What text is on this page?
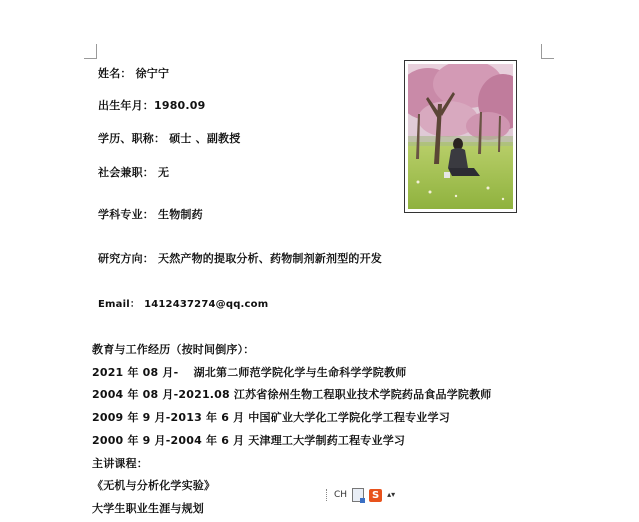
姓名： 徐宁宁
出生年月：1980.09
学历、职称： 硕士 、副教授
社会兼职： 无
学科专业： 生物制药
研究方向： 天然产物的提取分析、药物制剂新剂型的开发
Email： 1412437274@qq.com
教育与工作经历（按时间倒序）：
2021 年 08 月-　 湖北第二师范学院化学与生命科学学院教师
2004 年 08 月-2021.08 江苏省徐州生物工程职业技术学院药品食品学院教师
2009 年 9 月-2013 年 6 月 中国矿业大学化工学院化学工程专业学习
2000 年 9 月-2004 年 6 月 天津理工大学制药工程专业学习
主讲课程：
《无机与分析化学实验》
大学生职业生涯与规划
CH S ▴▾
